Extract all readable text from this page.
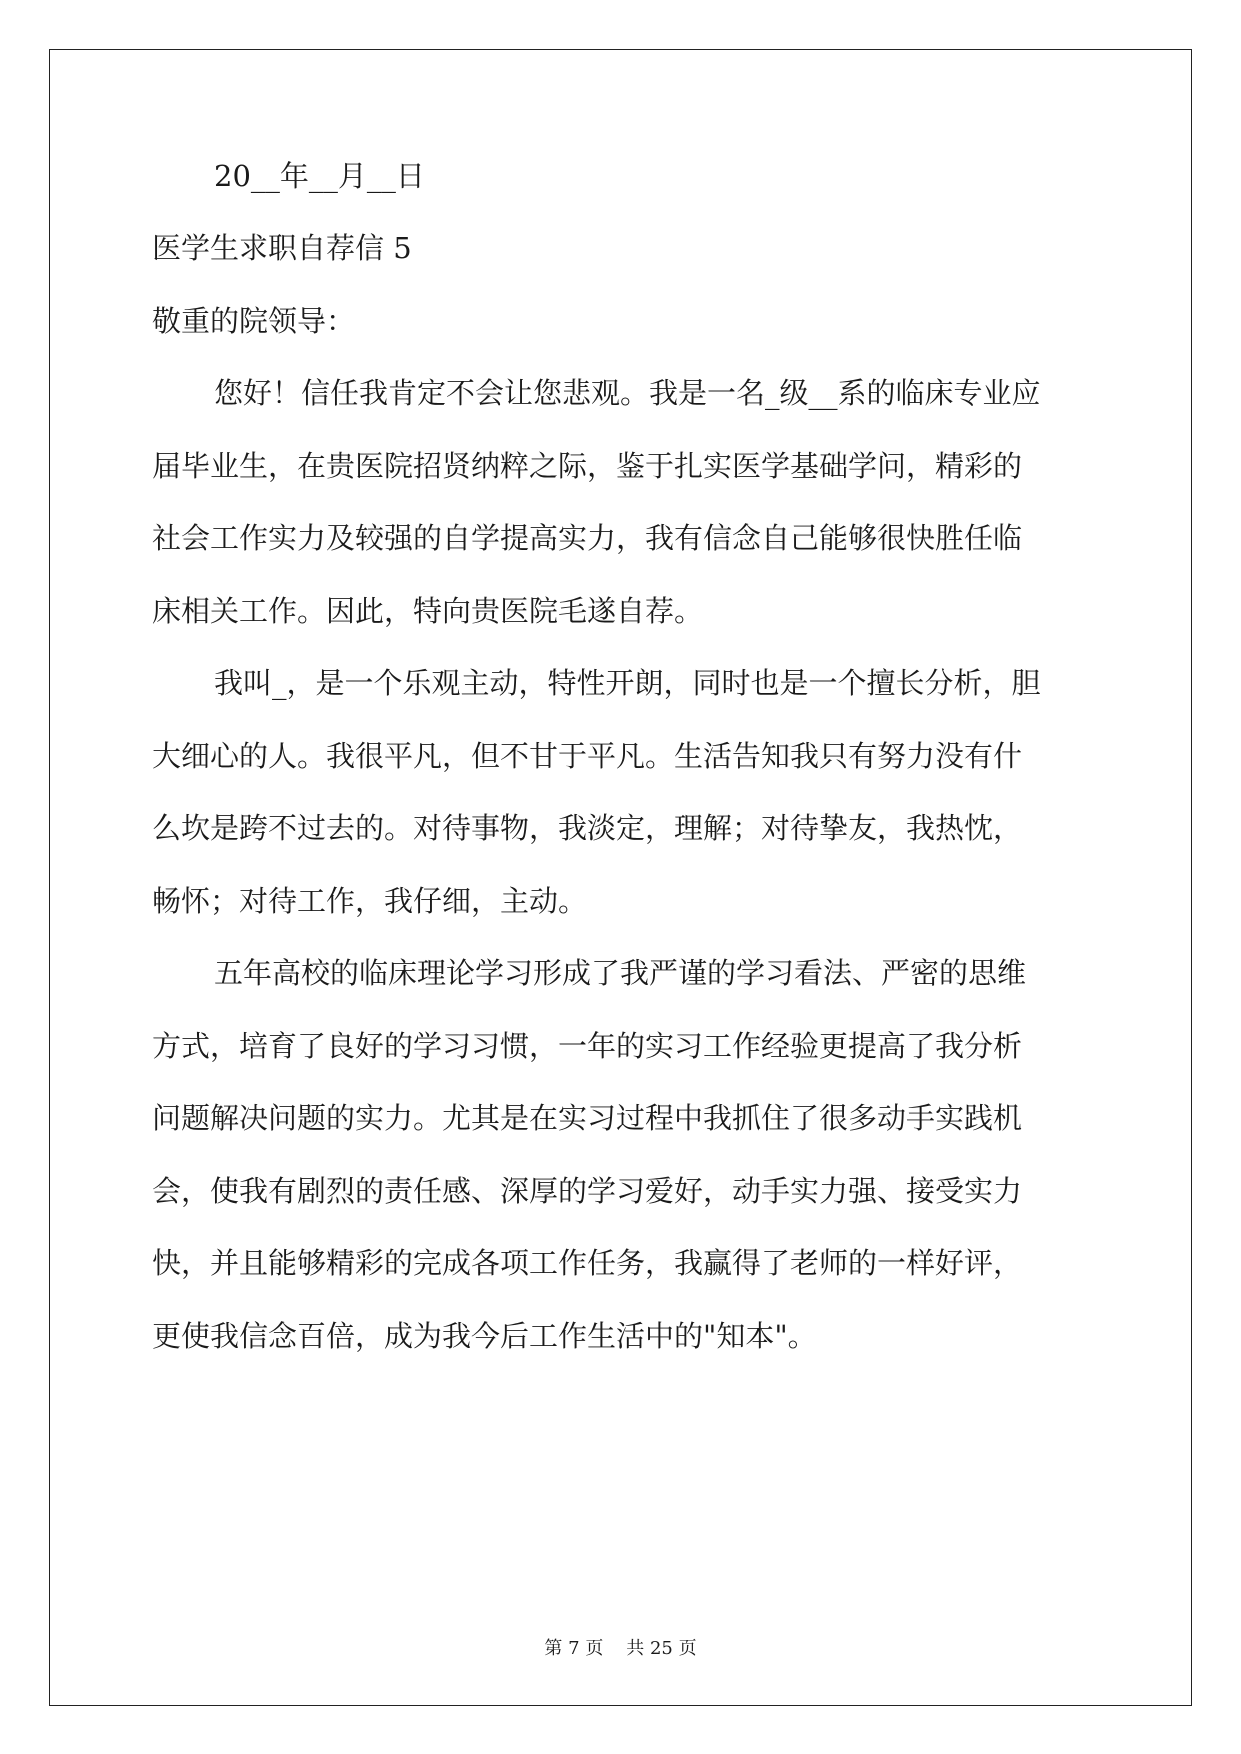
20__年__月__日
医学生求职自荐信 5
敬重的院领导：
您好！信任我肯定不会让您悲观。我是一名_级__系的临床专业应
届毕业生，在贵医院招贤纳粹之际，鉴于扎实医学基础学问，精彩的
社会工作实力及较强的自学提高实力，我有信念自己能够很快胜任临
床相关工作。因此，特向贵医院毛遂自荐。
我叫_，是一个乐观主动，特性开朗，同时也是一个擅长分析，胆
大细心的人。我很平凡，但不甘于平凡。生活告知我只有努力没有什
么坎是跨不过去的。对待事物，我淡定，理解；对待挚友，我热忱，
畅怀；对待工作，我仔细，主动。
五年高校的临床理论学习形成了我严谨的学习看法、严密的思维
方式，培育了良好的学习习惯，一年的实习工作经验更提高了我分析
问题解决问题的实力。尤其是在实习过程中我抓住了很多动手实践机
会，使我有剧烈的责任感、深厚的学习爱好，动手实力强、接受实力
快，并且能够精彩的完成各项工作任务，我赢得了老师的一样好评，
更使我信念百倍，成为我今后工作生活中的"知本"。
第 7 页 共 25 页
